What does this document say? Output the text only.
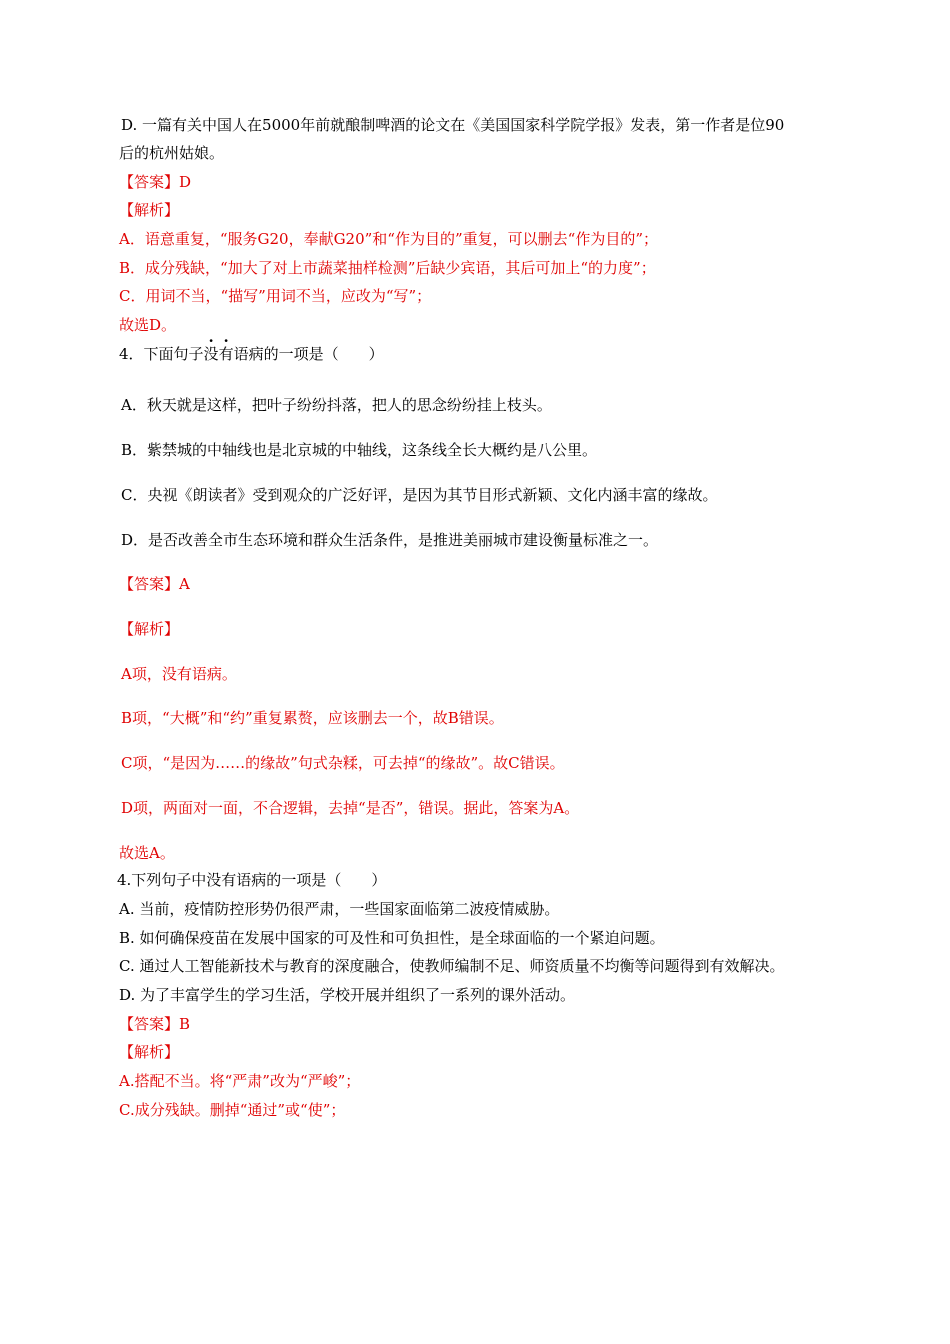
D. 一篇有关中国人在5000年前就酿制啤酒的论文在《美国国家科学院学报》发表，第一作者是位90
后的杭州姑娘。
【答案】D
【解析】
A．语意重复，“服务G20，奉献G20”和“作为目的”重复，可以删去“作为目的”；
B．成分残缺，“加大了对上市蔬菜抽样检测”后缺少宾语，其后可加上“的力度”；
C．用词不当，“描写”用词不当，应改为“写”；
故选D。
4．下面句子没有语病的一项是（　　）
A．秋天就是这样，把叶子纷纷抖落，把人的思念纷纷挂上枝头。
B．紫禁城的中轴线也是北京城的中轴线，这条线全长大概约是八公里。
C．央视《朗读者》受到观众的广泛好评，是因为其节目形式新颖、文化内涵丰富的缘故。
D．是否改善全市生态环境和群众生活条件，是推进美丽城市建设衡量标准之一。
【答案】A
【解析】
A项，没有语病。
B项，“大概”和“约”重复累赘，应该删去一个，故B错误。
C项，“是因为……的缘故”句式杂糅，可去掉“的缘故”。故C错误。
D项，两面对一面，不合逻辑，去掉“是否”，错误。据此，答案为A。
故选A。
4.下列句子中没有语病的一项是（　　）
A. 当前，疫情防控形势仍很严肃，一些国家面临第二波疫情威胁。
B. 如何确保疫苗在发展中国家的可及性和可负担性，是全球面临的一个紧迫问题。
C. 通过人工智能新技术与教育的深度融合，使教师编制不足、师资质量不均衡等问题得到有效解决。
D. 为了丰富学生的学习生活，学校开展并组织了一系列的课外活动。
【答案】B
【解析】
A.搭配不当。将“严肃”改为“严峻”；
C.成分残缺。删掉“通过”或“使”；
